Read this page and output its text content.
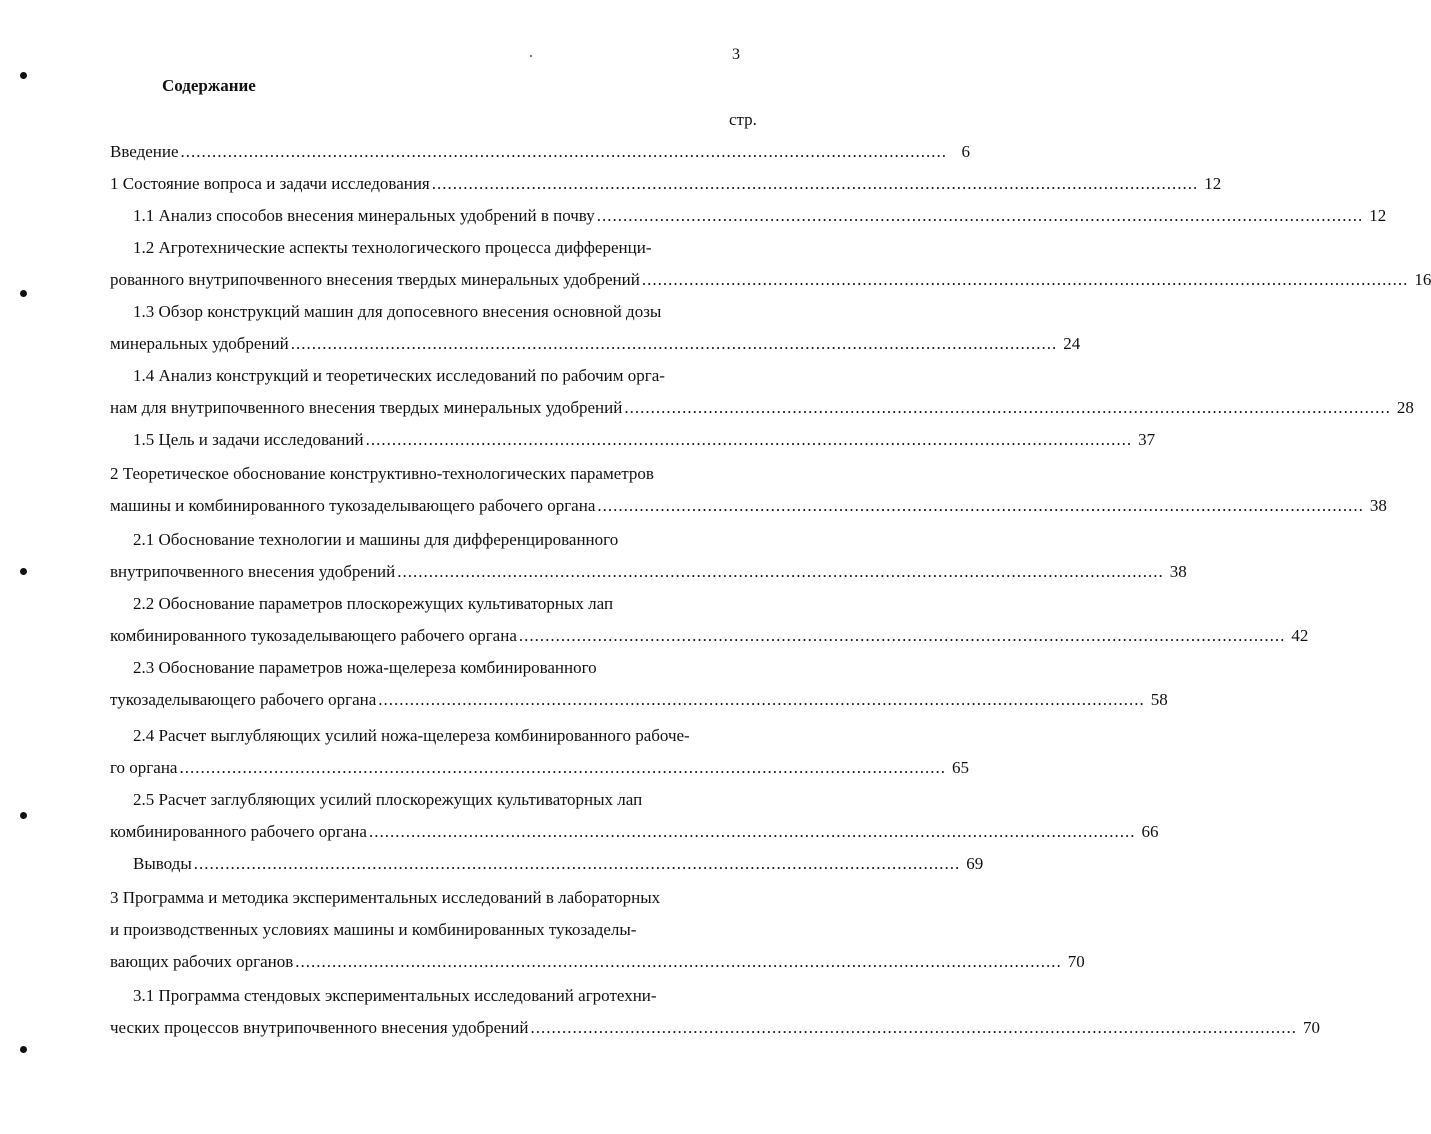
3
Содержание
стр.
Введение .................................................................................................................................................. 6
1 Состояние вопроса и задачи исследования .................................................................................................................................................. 12
1.1 Анализ способов внесения минеральных удобрений в почву .................................................................................................................................................. 12
1.2 Агротехнические аспекты технологического процесса дифференци-
рованного внутрипочвенного внесения твердых минеральных удобрений .................................................................................................................................................. 16
1.3 Обзор конструкций машин для допосевного внесения основной дозы
минеральных удобрений .................................................................................................................................................. 24
1.4 Анализ конструкций и теоретических исследований по рабочим орга-
нам для внутрипочвенного внесения твердых минеральных удобрений .................................................................................................................................................. 28
1.5 Цель и задачи исследований .................................................................................................................................................. 37
2 Теоретическое обоснование конструктивно-технологических параметров
машины и комбинированного тукозаделывающего рабочего органа .................................................................................................................................................. 38
2.1 Обоснование технологии и машины для дифференцированного
внутрипочвенного внесения удобрений .................................................................................................................................................. 38
2.2 Обоснование параметров плоскорежущих культиваторных лап
комбинированного тукозаделывающего рабочего органа .................................................................................................................................................. 42
2.3 Обоснование параметров ножа-щелереза комбинированного
тукозаделывающего рабочего органа .................................................................................................................................................. 58
2.4 Расчет выглубляющих усилий ножа-щелереза комбинированного рабоче-
го органа .................................................................................................................................................. 65
2.5 Расчет заглубляющих усилий плоскорежущих культиваторных лап
комбинированного рабочего органа .................................................................................................................................................. 66
Выводы .................................................................................................................................................. 69
3 Программа и методика экспериментальных исследований в лабораторных
и производственных условиях машины и комбинированных тукозаделы-
вающих рабочих органов .................................................................................................................................................. 70
3.1 Программа стендовых экспериментальных исследований агротехни-
ческих процессов внутрипочвенного внесения удобрений .................................................................................................................................................. 70
